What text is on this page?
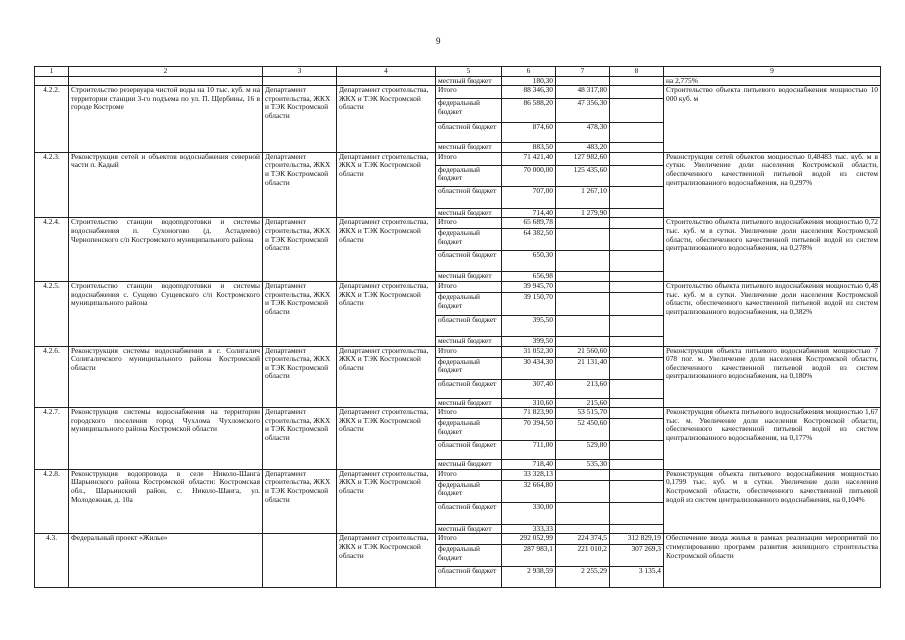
9
1	2	3	4	5	6	7	8	9
				местный бюджет	180,30			на 2,775%
4.2.2.	Строительство резервуара чистой воды на 10 тыс. куб. м на территории станции 3-го подъема по ул. П. Щербины, 16 в городе Костроме	Департамент строительства, ЖКХ и ТЭК Костромской области	Департамент строительства, ЖКХ и ТЭК Костромской области	Итого	88 346,30	48 317,80		Строительство объекта питьевого водоснабжения мощностью 10 000 куб. м
				федеральный бюджет	86 588,20	47 356,30		
				областной бюджет	874,60	478,30		
				местный бюджет	883,50	483,20		
4.2.3.	Реконструкция сетей и объектов водоснабжения северной части п. Кадый	Департамент строительства, ЖКХ и ТЭК Костромской области	Департамент строительства, ЖКХ и ТЭК Костромской области	Итого	71 421,40	127 982,60		Реконструкция сетей объектов мощностью 0,48483 тыс. куб. м в сутки. Увеличение доли населения Костромской области, обеспеченного качественной питьевой водой из систем централизованного водоснабжения, на 0,297%
				федеральный бюджет	70 000,00	125 435,60		
				областной бюджет	707,00	1 267,10		
				местный бюджет	714,40	1 279,90		
4.2.4.	Строительство станции водоподготовки и системы водоснабжения п. Сухоногово (д. Астадеево) Чернопенского с/п Костромского муниципального района	Департамент строительства, ЖКХ и ТЭК Костромской области	Департамент строительства, ЖКХ и ТЭК Костромской области	Итого	65 689,78			Строительство объекта питьевого водоснабжения мощностью 0,72 тыс. куб. м в сутки. Увеличение доли населения Костромской области, обеспеченного качественной питьевой водой из систем централизованного водоснабжения, на 0,278%
				федеральный бюджет	64 382,50			
				областной бюджет	650,30			
				местный бюджет	656,98			
4.2.5.	Строительство станции водоподготовки и системы водоснабжения с. Сущево Сущевского с/п Костромского муниципального района	Департамент строительства, ЖКХ и ТЭК Костромской области	Департамент строительства, ЖКХ и ТЭК Костромской области	Итого	39 945,70			Строительство объекта питьевого водоснабжения мощностью 0,48 тыс. куб. м в сутки. Увеличение доли населения Костромской области, обеспеченного качественной питьевой водой из систем централизованного водоснабжения, на 0,382%
				федеральный бюджет	39 150,70			
				областной бюджет	395,50			
				местный бюджет	399,50			
4.2.6.	Реконструкция системы водоснабжения в г. Солигалич Солигаличского муниципального района Костромской области	Департамент строительства, ЖКХ и ТЭК Костромской области	Департамент строительства, ЖКХ и ТЭК Костромской области	Итого	31 052,30	21 560,60		Реконструкция объекта питьевого водоснабжения мощностью 7 078 пог. м. Увеличение доли населения Костромской области, обеспеченного качественной питьевой водой из систем централизованного водоснабжения, на 0,180%
				федеральный бюджет	30 434,30	21 131,40		
				областной бюджет	307,40	213,60		
				местный бюджет	310,60	215,60		
4.2.7.	Реконструкция системы водоснабжения на территории городского поселения город Чухлома Чухломского муниципального района Костромской области	Департамент строительства, ЖКХ и ТЭК Костромской области	Департамент строительства, ЖКХ и ТЭК Костромской области	Итого	71 823,90	53 515,70		Реконструкция объекта питьевого водоснабжения мощностью 1,67 тыс. м. Увеличение доли населения Костромской области, обеспеченного качественной питьевой водой из систем централизованного водоснабжения, на 0,177%
				федеральный бюджет	70 394,50	52 450,60		
				областной бюджет	711,00	529,80		
				местный бюджет	718,40	535,30		
4.2.8.	Реконструкция водопровода в селе Николо-Шанга Шарьинского района Костромской области: Костромская обл., Шарьинский район, с. Николо-Шанга, ул. Молодежная, д. 10а	Департамент строительства, ЖКХ и ТЭК Костромской области	Департамент строительства, ЖКХ и ТЭК Костромской области	Итого	33 328,13			Реконструкция объекта питьевого водоснабжения мощностью 0,1799 тыс. куб. м в сутки. Увеличение доли населения Костромской области, обеспеченного качественной питьевой водой из систем централизованного водоснабжения, на 0,104%
				федеральный бюджет	32 664,80			
				областной бюджет	330,00			
				местный бюджет	333,33			
4.3.	Федеральный проект «Жилье»		Департамент строительства, ЖКХ и ТЭК Костромской области	Итого	292 052,99	224 374,5	312 829,19	Обеспечение ввода жилья в рамках реализации мероприятий по стимулированию программ развития жилищного строительства Костромской области
				федеральный бюджет	287 983,1	221 010,2	307 269,3	
				областной бюджет	2 938,59	2 255,29	3 135,4	
